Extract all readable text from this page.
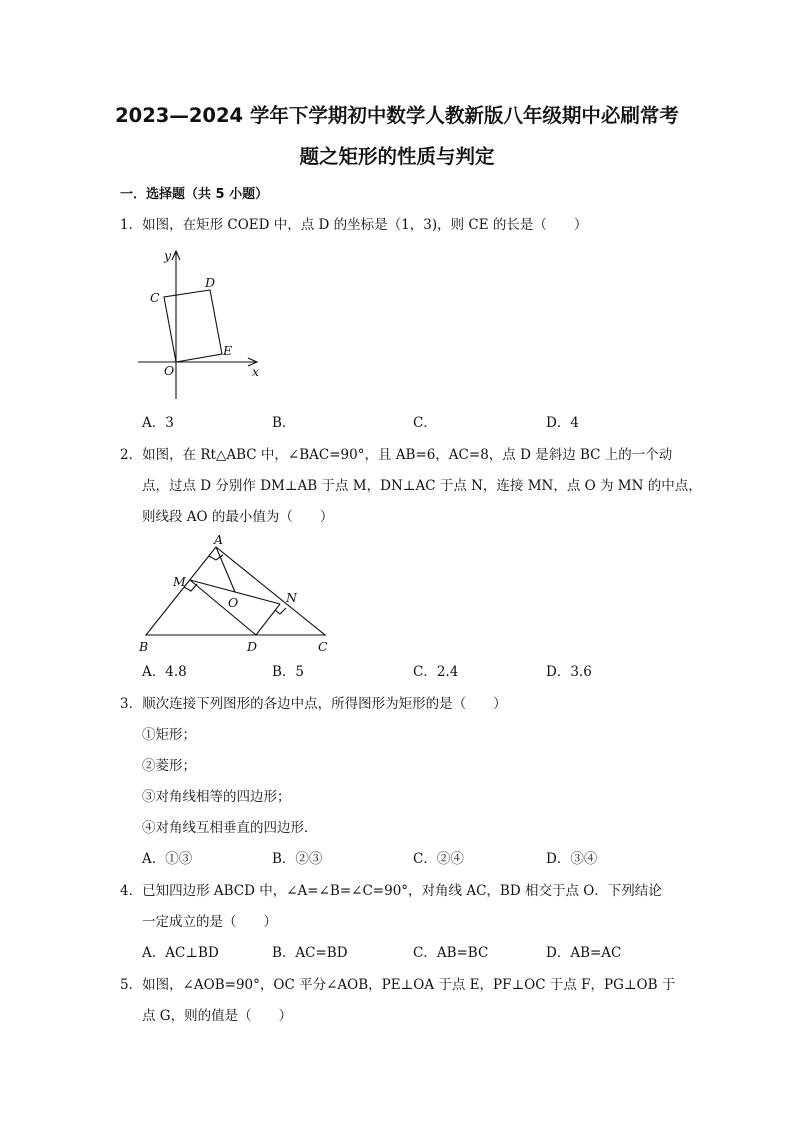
2023—2024 学年下学期初中数学人教新版八年级期中必刷常考
题之矩形的性质与判定
一．选择题（共 5 小题）
1．如图，在矩形 COED 中，点 D 的坐标是（1，3)，则 CE 的长是（　　）
y
D
C
E
O	x
A．3	B．	C．	D．4
2．如图，在 Rt△ABC 中，∠BAC=90°，且 AB=6，AC=8，点 D 是斜边 BC 上的一个动
点，过点 D 分别作 DM⊥AB 于点 M，DN⊥AC 于点 N，连接 MN，点 O 为 MN 的中点，
则线段 AO 的最小值为（　　）
A
M
O	N
B	D	C
A．4.8	B．5	C．2.4	D．3.6
3．顺次连接下列图形的各边中点，所得图形为矩形的是（　　）
①矩形；
②菱形；
③对角线相等的四边形；
④对角线互相垂直的四边形．
A．①③	B．②③	C．②④	D．③④
4．已知四边形 ABCD 中，∠A=∠B=∠C=90°，对角线 AC，BD 相交于点 O．下列结论
一定成立的是（　　）
A．AC⊥BD	B．AC=BD	C．AB=BC	D．AB=AC
5．如图，∠AOB=90°，OC 平分∠AOB，PE⊥OA 于点 E，PF⊥OC 于点 F，PG⊥OB 于
点 G，则的值是（　　）
